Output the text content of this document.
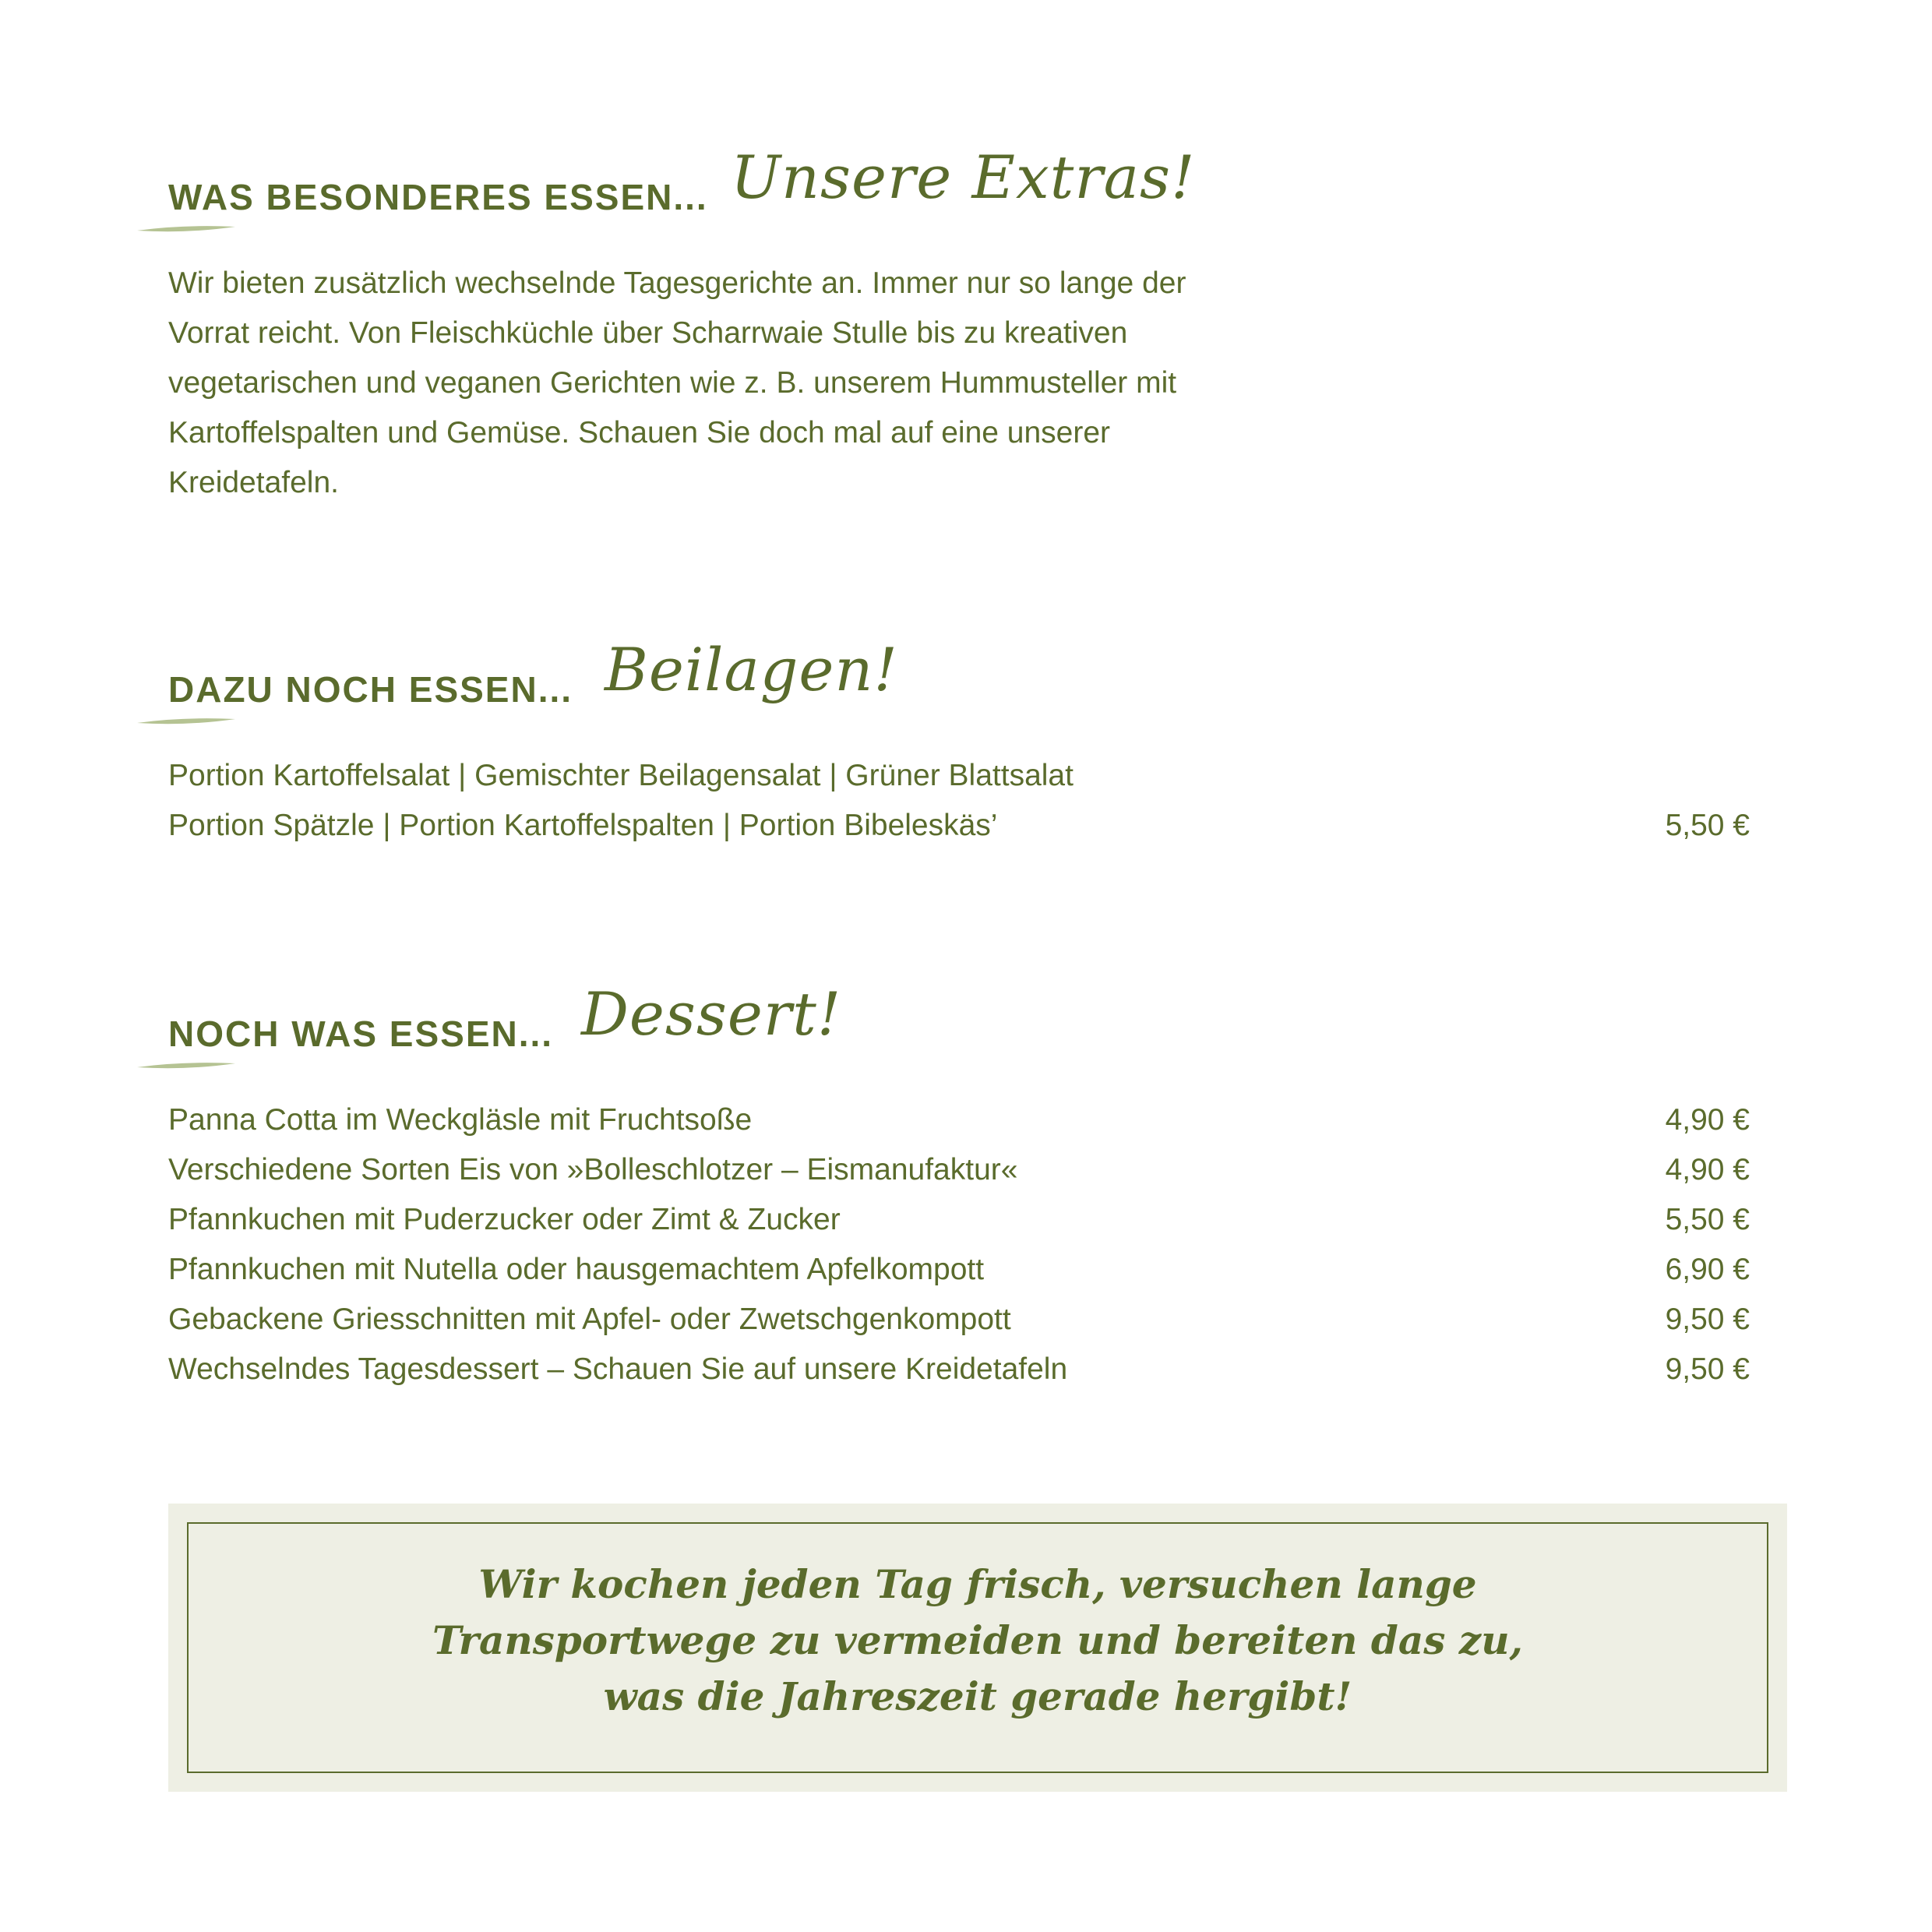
WAS BESONDERES ESSEN... Unsere Extras!

Wir bieten zusätzlich wechselnde Tagesgerichte an. Immer nur so lange der Vorrat reicht. Von Fleischküchle über Scharrwaie Stulle bis zu kreativen vegetarischen und veganen Gerichten wie z. B. unserem Hummusteller mit Kartoffelspalten und Gemüse. Schauen Sie doch mal auf eine unserer Kreidetafeln.

DAZU NOCH ESSEN... Beilagen!
Portion Kartoffelsalat | Gemischter Beilagensalat | Grüner Blattsalat
Portion Spätzle | Portion Kartoffelspalten | Portion Bibeleskäs’	5,50 €
NOCH WAS ESSEN... Dessert!
Panna Cotta im Weckgläsle mit Fruchtsoße	4,90 €
Verschiedene Sorten Eis von »Bolleschlotzer – Eismanufaktur«	4,90 €
Pfannkuchen mit Puderzucker oder Zimt & Zucker	5,50 €
Pfannkuchen mit Nutella oder hausgemachtem Apfelkompott	6,90 €
Gebackene Griesschnitten mit Apfel- oder Zwetschgenkompott	9,50 €
Wechselndes Tagesdessert – Schauen Sie auf unsere Kreidetafeln	9,50 €
Wir kochen jeden Tag frisch, versuchen lange
Transportwege zu vermeiden und bereiten das zu,
was die Jahreszeit gerade hergibt!
